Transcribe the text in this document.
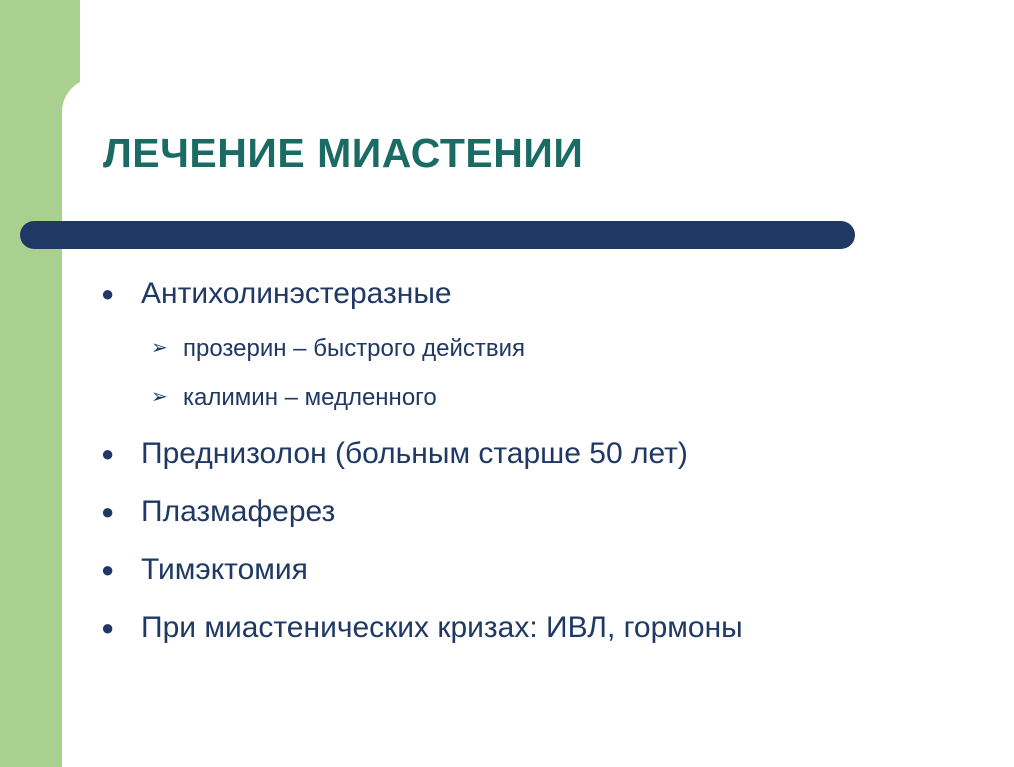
ЛЕЧЕНИЕ МИАСТЕНИИ
● Антихолинэстеразные
➢ прозерин – быстрого действия
➢ калимин – медленного
● Преднизолон (больным старше 50 лет)
● Плазмаферез
● Тимэктомия
● При миастенических кризах: ИВЛ, гормоны
